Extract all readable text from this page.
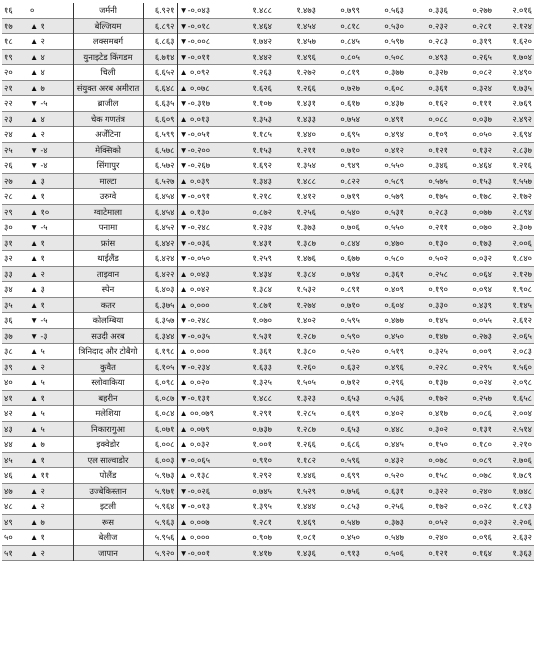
१६	०	जर्मनी	६.९२१	▼-०.०४३	१.४८८	१.४७३	०.७९९	०.५६३	०.३३६	०.२७७	२.०१६
१७	▲ १	बेल्जियम	६.८९२	▼-०.०१८	१.४६४	१.४५४	०.८१८	०.५३०	०.२३२	०.२८१	२.१२४
१८	▲ २	लक्समबर्ग	६.८६३	▼-०.००८	१.७४२	१.४५७	०.८४५	०.५९७	०.२८३	०.३१९	१.६२०
१९	▲ ४	युनाइटेड किंगडम	६.७१४	▼-०.०११	१.४४२	१.४९६	०.८०५	०.५०८	०.४९३	०.२६५	१.७०४
२०	▲ ४	चिली	६.६५२	▲ ०.०९२	१.२६३	१.२७२	०.८१९	०.३७७	०.३२७	०.०८२	२.४९०
२१	▲ ७	संयुक्त अरब अमीरात	६.६४८	▲ ०.०७८	१.६२६	१.२६६	०.७२७	०.६०८	०.३६१	०.३२४	१.७३५
२२	▼ -५	ब्राजील	६.६३५	▼-०.३१७	१.१०७	१.४३१	०.६१७	०.४३७	०.१६२	०.१११	२.७६९
२३	▲ ४	चेक गणतंत्र	६.६०९	▲ ०.०१३	१.३५३	१.४३३	०.७५४	०.४९१	०.०८८	०.०३७	२.४९२
२४	▲ २	अर्जेंटिना	६.५९९	▼-०.०५१	१.१८५	१.४४०	०.६९५	०.४९४	०.१०९	०.०५०	२.६९४
२५	▼ -४	मेक्सिको	६.५७८	▼-०.२००	१.१५३	१.२११	०.७१०	०.४१२	०.१२१	०.१३२	२.८३७
२६	▼ -४	सिंगापुर	६.५७२	▼-०.२६७	१.६९२	१.३५४	०.९४९	०.५५०	०.३४६	०.४६४	१.२१६
२७	▲ ३	माल्टा	६.५२७	▲ ०.०३९	१.३४३	१.४८८	०.८२२	०.५८९	०.५७५	०.१५३	१.५५७
२८	▲ १	उरुग्वे	६.४५४	▼-०.०९१	१.२१८	१.४१२	०.७१९	०.५७९	०.१७५	०.१७८	२.१७२
२९	▲ १०	ग्वाटेमाला	६.४५४	▲ ०.१३०	०.८७२	१.२५६	०.५४०	०.५३१	०.२८३	०.०७७	२.८९४
३०	▼ -५	पनामा	६.४५२	▼-०.२४८	१.२३४	१.३७३	०.७०६	०.५५०	०.२११	०.०७०	२.३०७
३१	▲ १	फ्रांस	६.४४२	▼-०.०३६	१.४३१	१.३८७	०.८४४	०.४७०	०.१३०	०.१७३	२.००६
३२	▲ १	थाईलैंड	६.४२४	▼-०.०५०	१.२५९	१.४७६	०.६७७	०.५८०	०.५०२	०.०३२	१.८४०
३३	▲ २	ताइवान	६.४२२	▲ ०.०४३	१.४३४	१.३८४	०.७९४	०.३६१	०.२५८	०.०६४	२.१२७
३४	▲ ३	स्पेन	६.४०३	▲ ०.०४२	१.३८४	१.५३२	०.८९१	०.४०९	०.१९०	०.०९४	१.९०८
३५	▲ १	कतर	६.३७५	▲ ०.०००	१.८७१	१.२७४	०.७१०	०.६०४	०.३३०	०.४३९	१.१४५
३६	▼ -५	कोलम्बिया	६.३५७	▼-०.२४८	१.०७०	१.४०२	०.५९५	०.४७७	०.१४५	०.०५५	२.६१२
३७	▼ -३	सउदी अरब	६.३४४	▼-०.०३५	१.५३१	१.२८७	०.५९०	०.४५०	०.१४७	०.२७३	२.०६५
३८	▲ ५	त्रिनिदाद और टोबैगो	६.१९८	▲ ०.०००	१.३६१	१.३८०	०.५२०	०.५१९	०.३२५	०.००९	२.०८३
३९	▲ २	कुवैत	६.१०५	▼-०.२३४	१.६३३	१.२६०	०.६३२	०.४९६	०.२२८	०.२९५	१.५६०
४०	▲ ५	स्लोवाकिया	६.०९८	▲ ०.०२०	१.३२५	१.५०५	०.७१२	०.२९६	०.१३७	०.०२४	२.०९८
४१	▲ १	बहरीन	६.०८७	▼-०.१३१	१.४८८	१.३२३	०.६५३	०.५३६	०.१७२	०.२५७	१.६५८
४२	▲ ५	मलेशिया	६.०८४	▲ ००.०७९	१.२९१	१.२८५	०.६१९	०.४०२	०.४१७	०.०८६	२.००४
४३	▲ ५	निकारागुआ	६.०७१	▲ ०.०७९	०.७३७	१.२८७	०.६५३	०.४४८	०.३०२	०.१३१	२.५१४
४४	▲ ७	इक्वेडोर	६.००८	▲ ०.०३२	१.००१	१.२६६	०.६८६	०.४४५	०.१५०	०.१८०	२.२१०
४५	▲ १	एल साल्वाडोर	६.००३	▼-०.०६५	०.९१०	१.१८२	०.५९६	०.४३२	०.०७८	०.०८९	२.७०६
४६	▲ ११	पोलैंड	५.९७३	▲ ०.१३८	१.२९२	१.४४६	०.६९९	०.५२०	०.१५८	०.०७८	१.७८९
४७	▲ २	उज्बेकिस्तान	५.९७१	▼-०.०२६	०.७४५	१.५२९	०.७५६	०.६३१	०.३२२	०.२४०	१.७४८
४८	▲ २	इटली	५.९६४	▼-०.०१३	१.३९५	१.४४४	०.८५३	०.२५६	०.१७२	०.०२८	१.८१३
४९	▲ ७	रूस	५.९६३	▲ ०.००७	१.२८१	१.४६९	०.५४७	०.३७३	०.०५२	०.०३२	२.२०६
५०	▲ १	बेलीज	५.९५६	▲ ०.०००	०.९०७	१.०८१	०.४५०	०.५४७	०.२४०	०.०९६	२.६३२
५१	▲ २	जापान	५.९२०	▼-०.००१	१.४१७	१.४३६	०.९१३	०.५०६	०.१२१	०.१६४	१.३६३
